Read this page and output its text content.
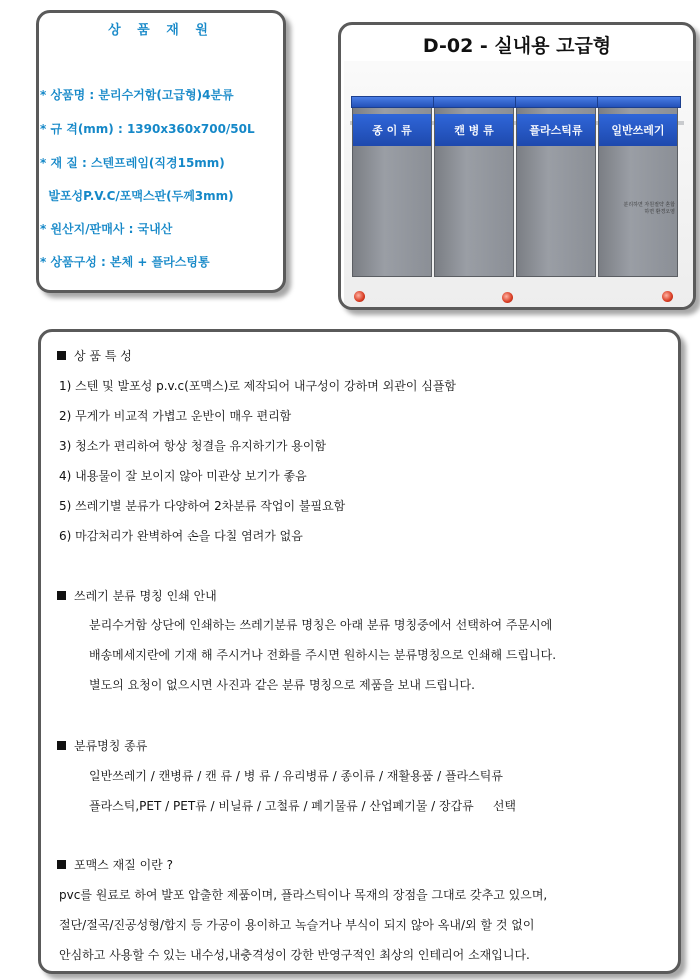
상 품 재 원
* 상품명 : 분리수거함(고급형)4분류
* 규 격(mm) : 1390x360x700/50L
* 재 질 : 스텐프레임(직경15mm)
발포성P.V.C/포맥스판(두께3mm)
* 원산지/판매사 : 국내산
* 상품구성 : 본체 + 플라스팅통
D-02 - 실내용 고급형
종 이 류	캔 병 류	플라스틱류	일반쓰레기
분리하면 자원절약 혼합하면 환경오염
상 품 특 성
1) 스텐 및 발포성 p.v.c(포맥스)로 제작되어 내구성이 강하며 외관이 심플함
2) 무게가 비교적 가볍고 운반이 매우 편리함
3) 청소가 편리하여 항상 청결을 유지하기가 용이함
4) 내용물이 잘 보이지 않아 미관상 보기가 좋음
5) 쓰레기별 분류가 다양하여 2차분류 작업이 불필요함
6) 마감처리가 완벽하여 손을 다칠 염려가 없음
쓰레기 분류 명칭 인쇄 안내
분리수거함 상단에 인쇄하는 쓰레기분류 명칭은 아래 분류 명칭중에서 선택하여 주문시에
배송메세지란에 기재 해 주시거나 전화를 주시면 원하시는 분류명칭으로 인쇄해 드립니다.
별도의 요청이 없으시면 사진과 같은 분류 명칭으로 제품을 보내 드립니다.
분류명칭 종류
일반쓰레기 / 캔병류 / 캔 류 / 병 류 / 유리병류 / 종이류 / 재활용품 / 플라스틱류
플라스틱,PET / PET류 / 비닐류 / 고철류 / 폐기물류 / 산업폐기물 / 장갑류     선택
포맥스 재질 이란 ?
pvc를 원료로 하여 발포 압출한 제품이며, 플라스틱이나 목재의 장점을 그대로 갖추고 있으며,
절단/절곡/진공성형/합지 등 가공이 용이하고 녹슬거나 부식이 되지 않아 옥내/외 할 것 없이
안심하고 사용할 수 있는 내수성,내충격성이 강한 반영구적인 최상의 인테리어 소재입니다.
